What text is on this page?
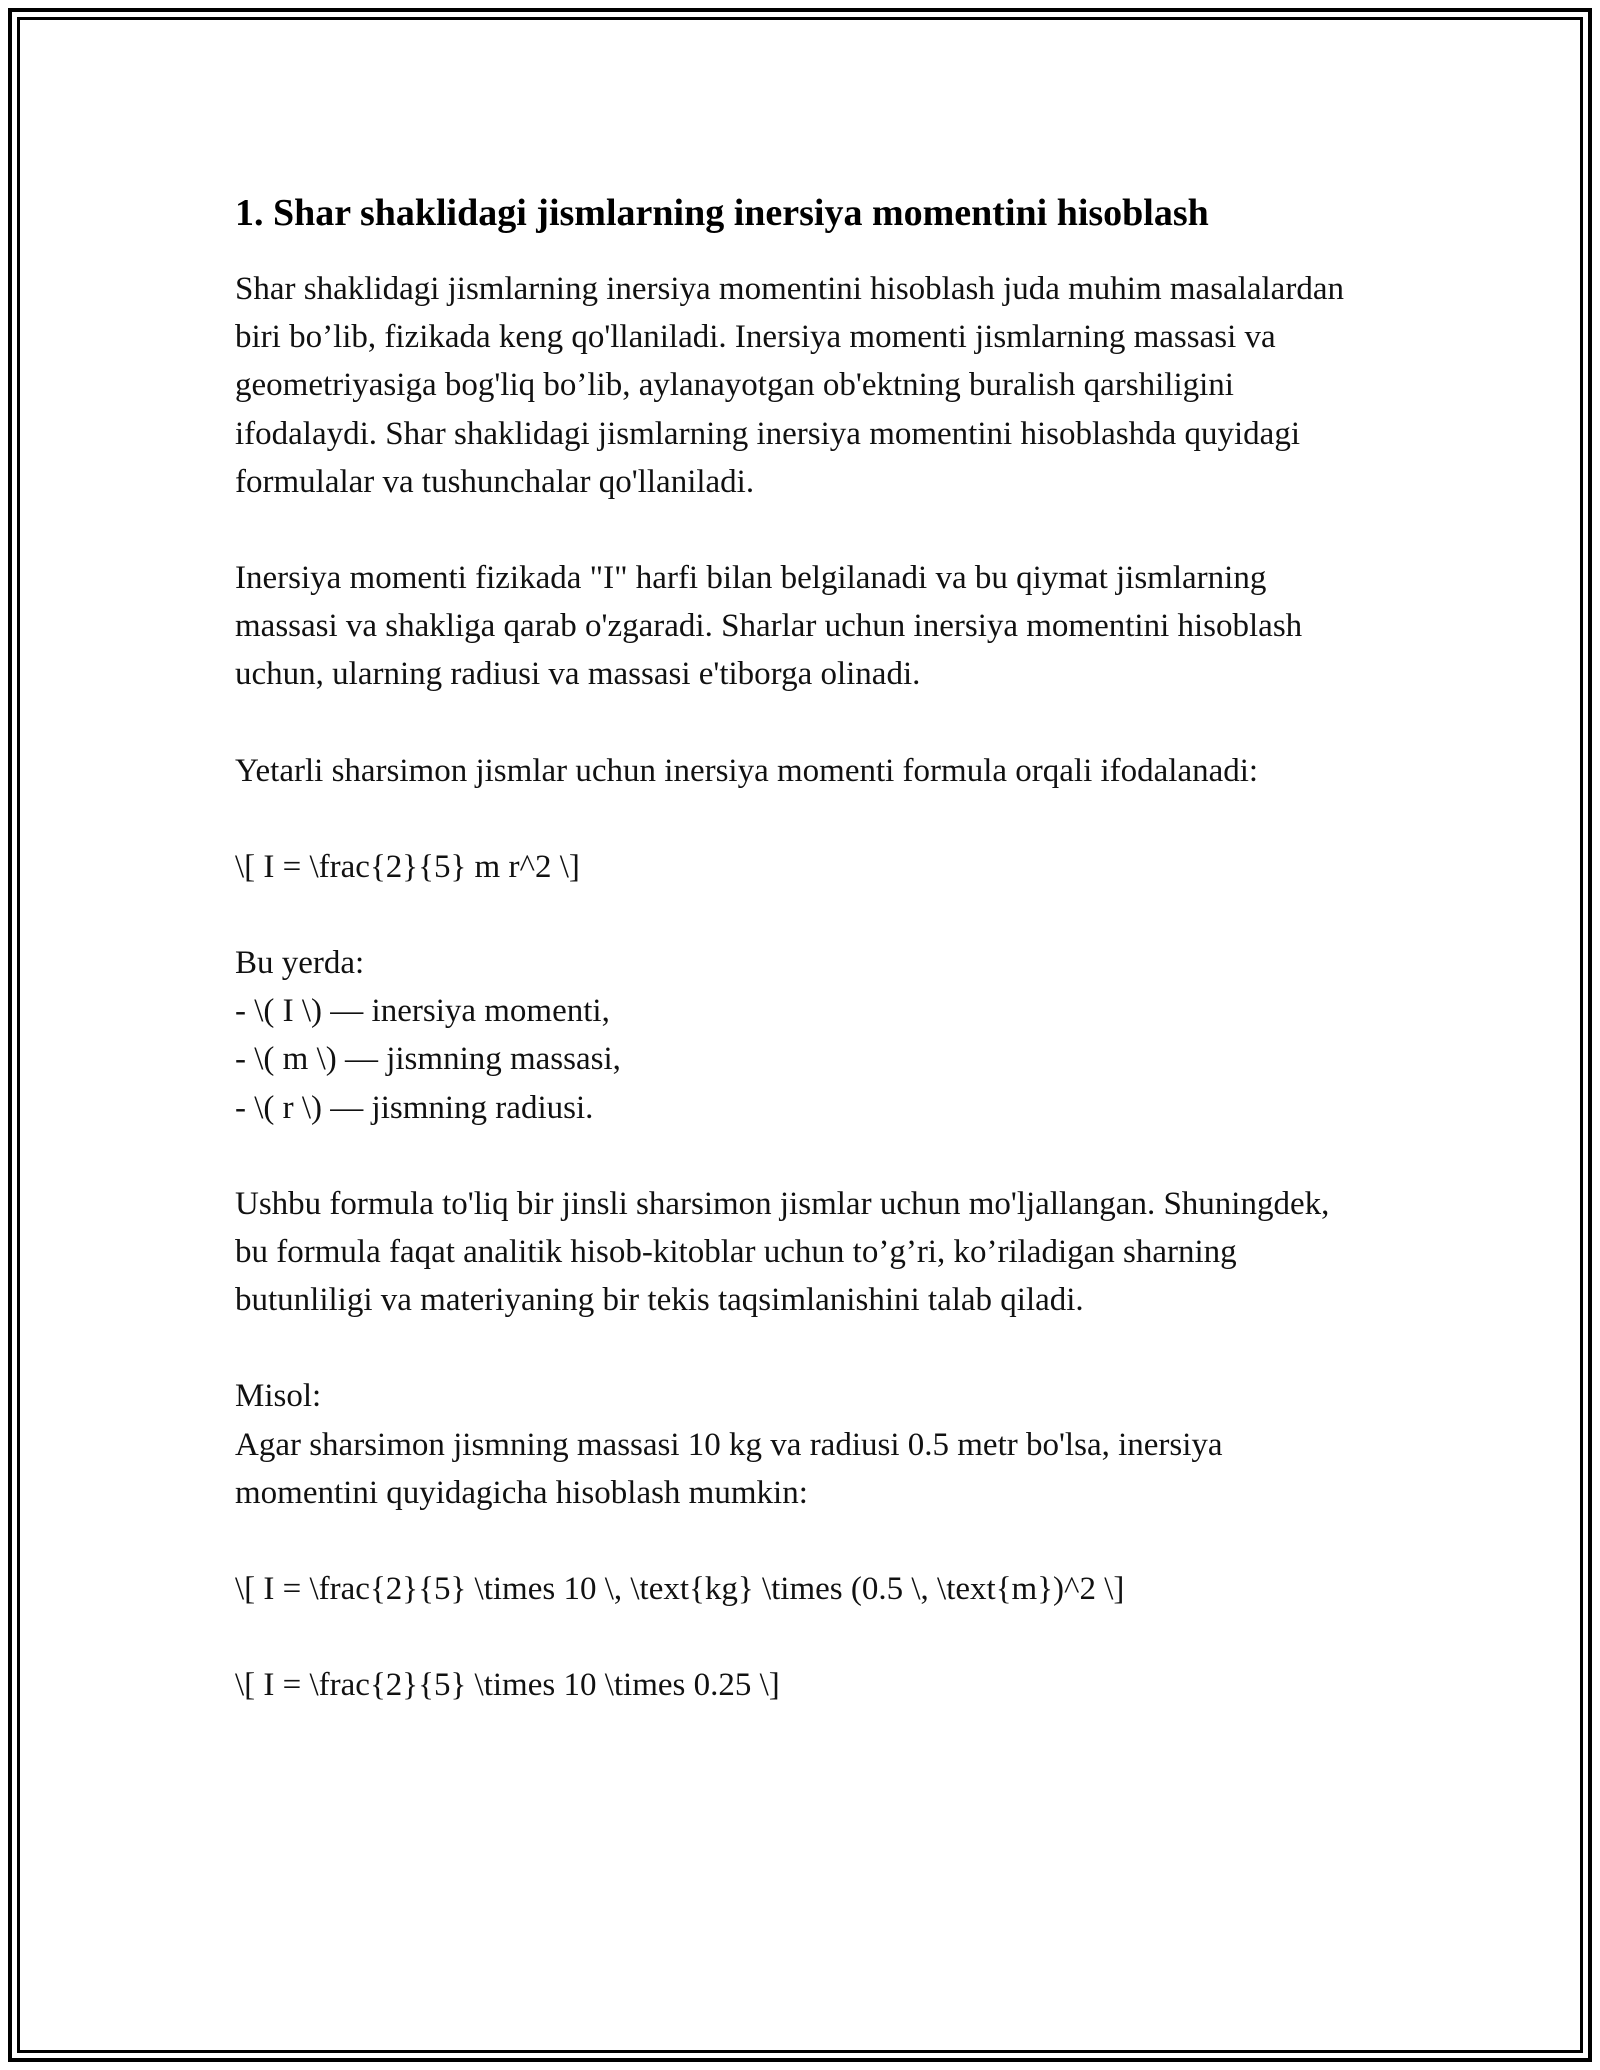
1. Shar shaklidagi jismlarning inersiya momentini hisoblash

Shar shaklidagi jismlarning inersiya momentini hisoblash juda muhim masalalardan biri bo’lib, fizikada keng qo'llaniladi. Inersiya momenti jismlarning massasi va geometriyasiga bog'liq bo’lib, aylanayotgan ob'ektning buralish qarshiligini ifodalaydi. Shar shaklidagi jismlarning inersiya momentini hisoblashda quyidagi formulalar va tushunchalar qo'llaniladi.

Inersiya momenti fizikada "I" harfi bilan belgilanadi va bu qiymat jismlarning massasi va shakliga qarab o'zgaradi. Sharlar uchun inersiya momentini hisoblash uchun, ularning radiusi va massasi e'tiborga olinadi.

Yetarli sharsimon jismlar uchun inersiya momenti formula orqali ifodalanadi:

\[ I = \frac{2}{5} m r^2 \]

Bu yerda:
- \( I \) — inersiya momenti,
- \( m \) — jismning massasi,
- \( r \) — jismning radiusi.

Ushbu formula to'liq bir jinsli sharsimon jismlar uchun mo'ljallangan. Shuningdek, bu formula faqat analitik hisob-kitoblar uchun to’g’ri, ko’riladigan sharning butunliligi va materiyaning bir tekis taqsimlanishini talab qiladi.

Misol:
Agar sharsimon jismning massasi 10 kg va radiusi 0.5 metr bo'lsa, inersiya momentini quyidagicha hisoblash mumkin:

\[ I = \frac{2}{5} \times 10 \, \text{kg} \times (0.5 \, \text{m})^2 \]

\[ I = \frac{2}{5} \times 10 \times 0.25 \]
